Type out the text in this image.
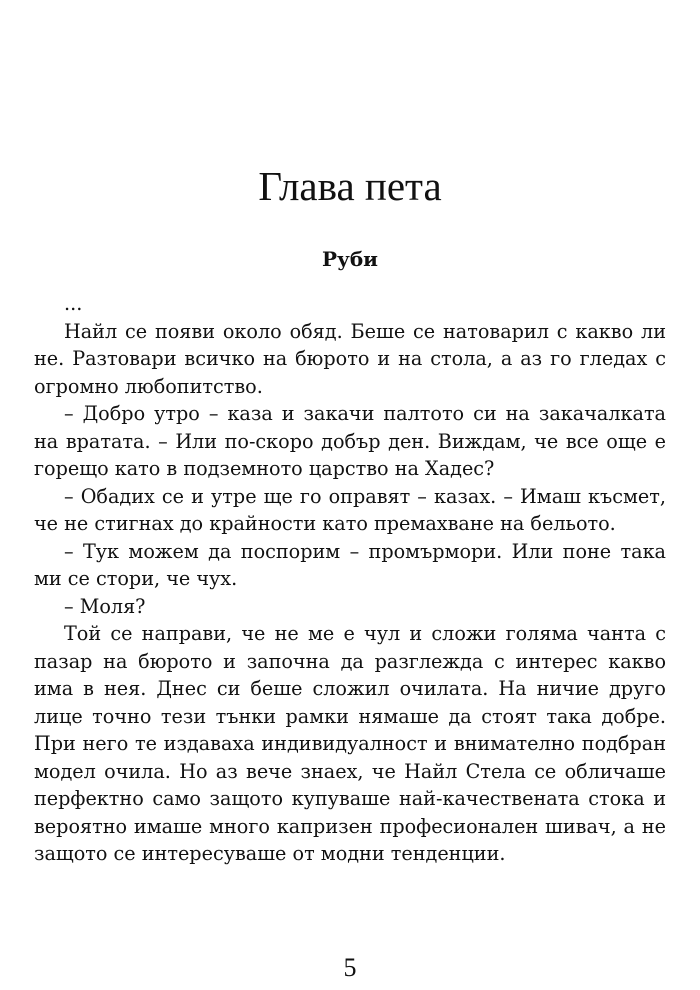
Глава пета
Руби

...

Найл се появи около обяд. Беше се натоварил с какво ли не. Разтовари всичко на бюрото и на стола, а аз го гледах с огромно любопитство.

– Добро утро – каза и закачи палтото си на закачалката на вратата. – Или по-скоро добър ден. Виждам, че все още е горещо като в подземното царство на Хадес?

– Обадих се и утре ще го оправят – казах. – Имаш късмет, че не стигнах до крайности като премахване на бельото.

– Тук можем да поспорим – промърмори. Или поне така ми се стори, че чух.

– Моля?

Той се направи, че не ме е чул и сложи голяма чанта с пазар на бюрото и започна да разглежда с интерес какво има в нея. Днес си беше сложил очилата. На ничие друго лице точно тези тънки рамки нямаше да стоят така добре. При него те издаваха индивидуалност и внимателно подбран модел очила. Но аз вече знаех, че Найл Стела се обличаше перфектно само защото купуваше най-качествената стока и вероятно имаше много капризен професионален шивач, а не защото се интересуваше от модни тенденции.

5
